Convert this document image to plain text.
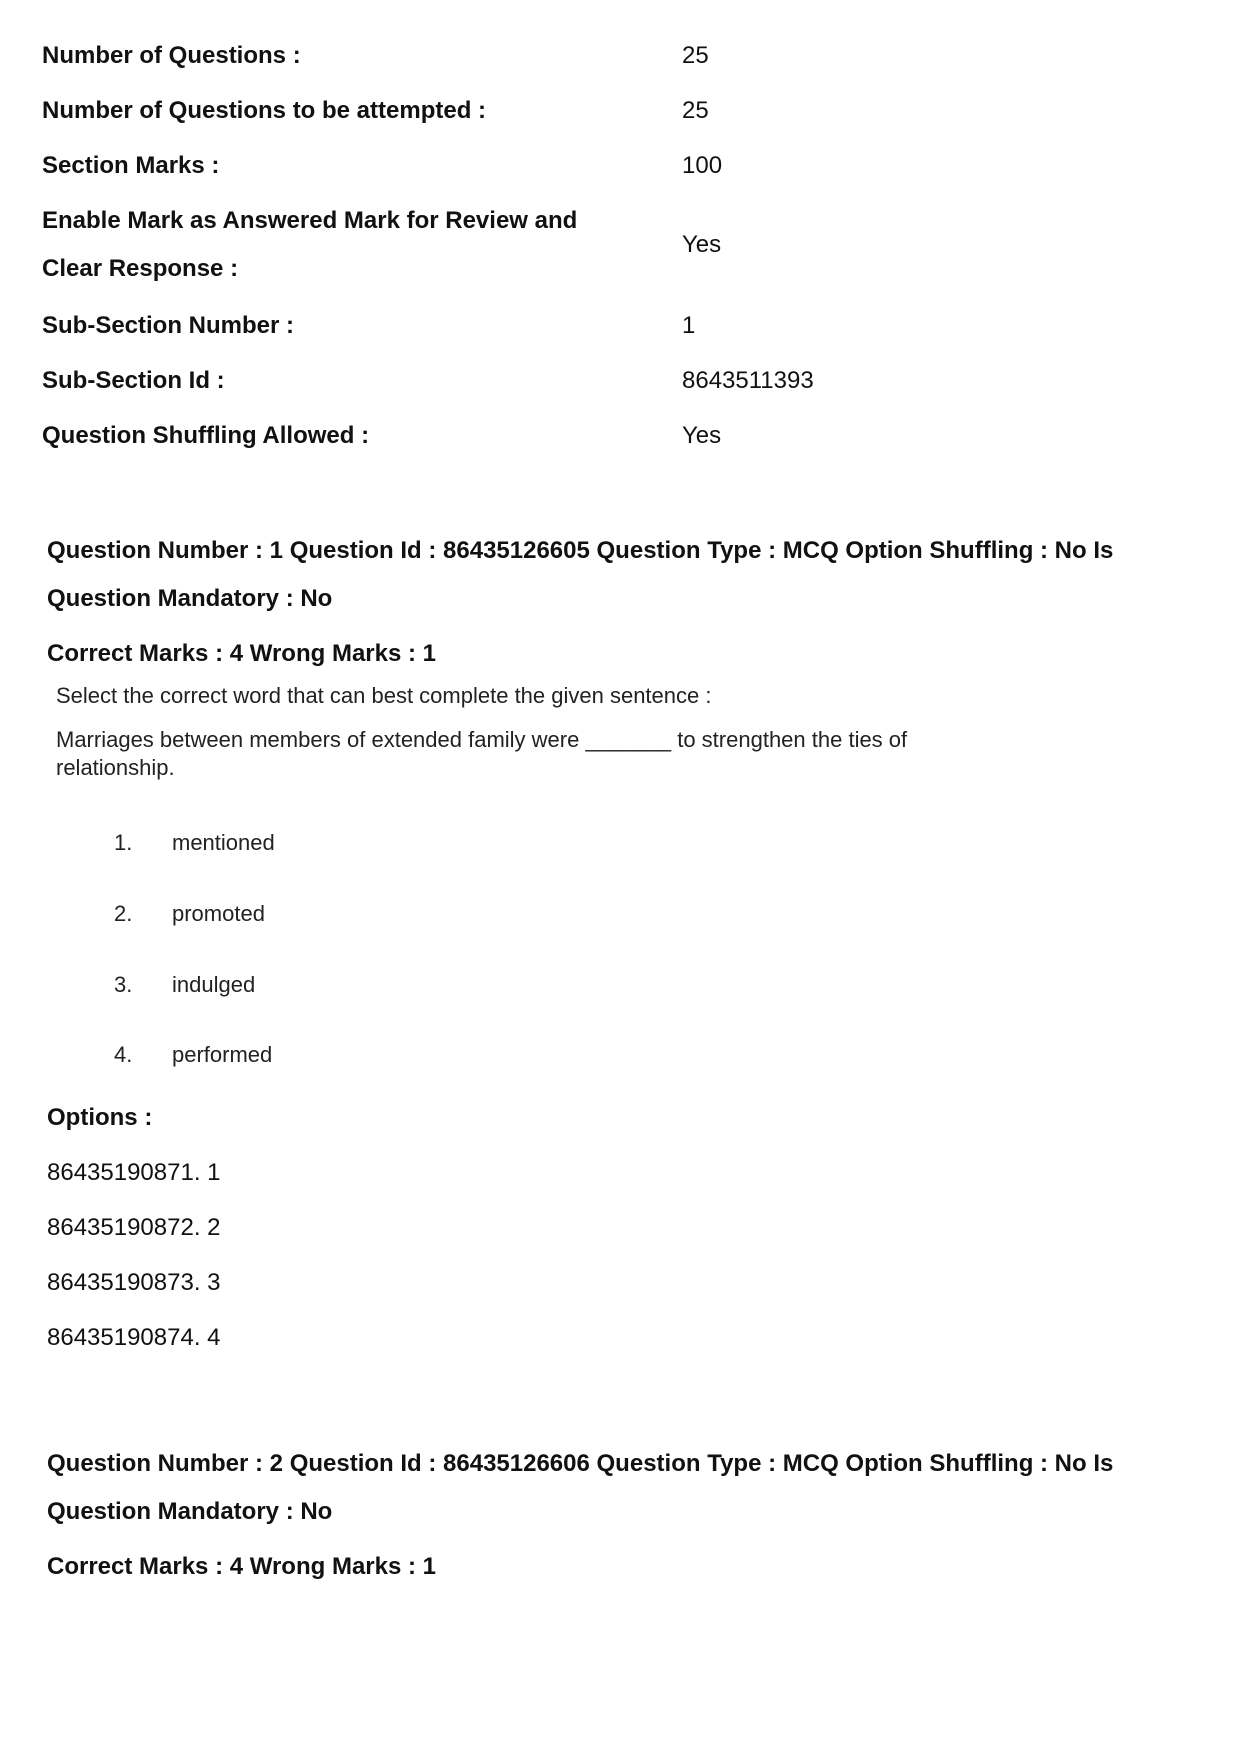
Number of Questions :	25
Number of Questions to be attempted :	25
Section Marks :	100
Enable Mark as Answered Mark for Review and Clear Response :
Yes
Sub-Section Number :	1
Sub-Section Id :	8643511393
Question Shuffling Allowed :	Yes
Question Number : 1 Question Id : 86435126605 Question Type : MCQ Option Shuffling : No Is Question Mandatory : No
Correct Marks : 4 Wrong Marks : 1
Select the correct word that can best complete the given sentence :
Marriages between members of extended family were _______ to strengthen the ties of relationship.
1. mentioned
2. promoted
3. indulged
4. performed
Options :
86435190871. 1
86435190872. 2
86435190873. 3
86435190874. 4
Question Number : 2 Question Id : 86435126606 Question Type : MCQ Option Shuffling : No Is Question Mandatory : No
Correct Marks : 4 Wrong Marks : 1
